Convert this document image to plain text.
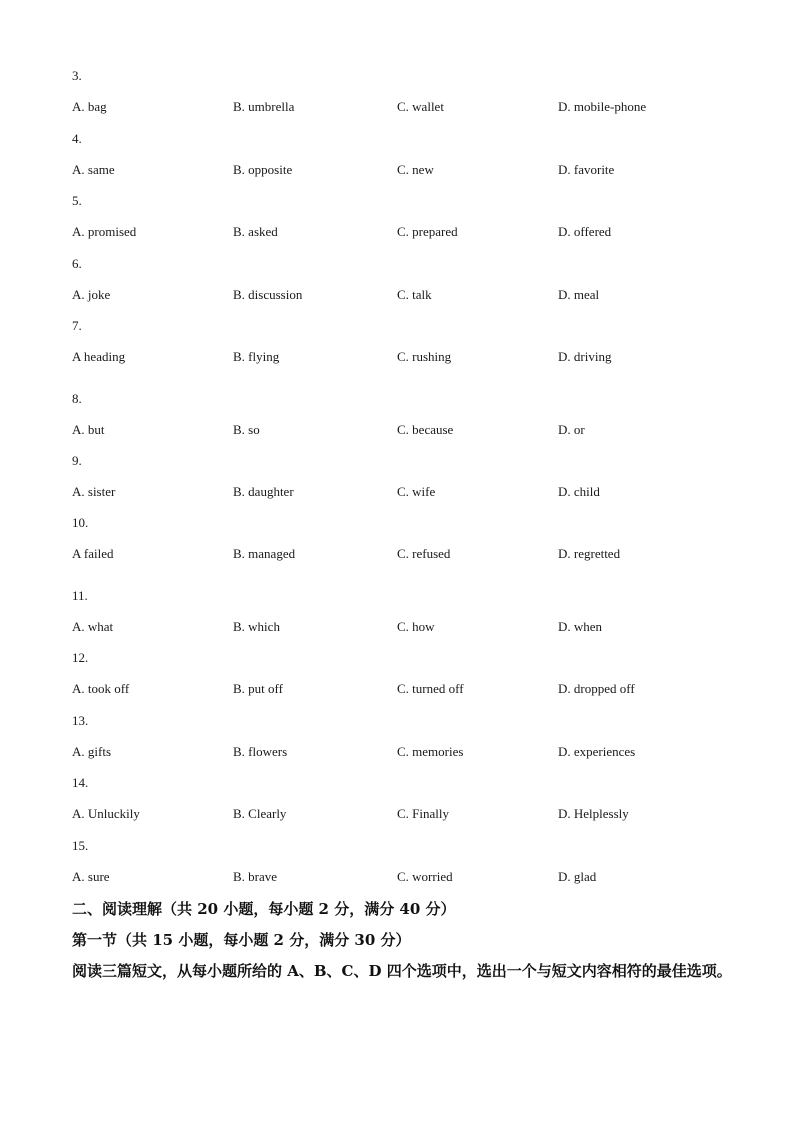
3.
A. bag	B. umbrella	C. wallet	D. mobile-phone
4.
A. same	B. opposite	C. new	D. favorite
5.
A. promised	B. asked	C. prepared	D. offered
6.
A. joke	B. discussion	C. talk	D. meal
7.
A heading	B. flying	C. rushing	D. driving
8.
A. but	B. so	C. because	D. or
9.
A. sister	B. daughter	C. wife	D. child
10.
A failed	B. managed	C. refused	D. regretted
11.
A. what	B. which	C. how	D. when
12.
A. took off	B. put off	C. turned off	D. dropped off
13.
A. gifts	B. flowers	C. memories	D. experiences
14.
A. Unluckily	B. Clearly	C. Finally	D. Helplessly
15.
A. sure	B. brave	C. worried	D. glad
二、阅读理解（共 20 小题，每小题 2 分，满分 40 分）
第一节（共 15 小题，每小题 2 分，满分 30 分）
阅读三篇短文，从每小题所给的 A、B、C、D 四个选项中，选出一个与短文内容相符的最佳选项。
